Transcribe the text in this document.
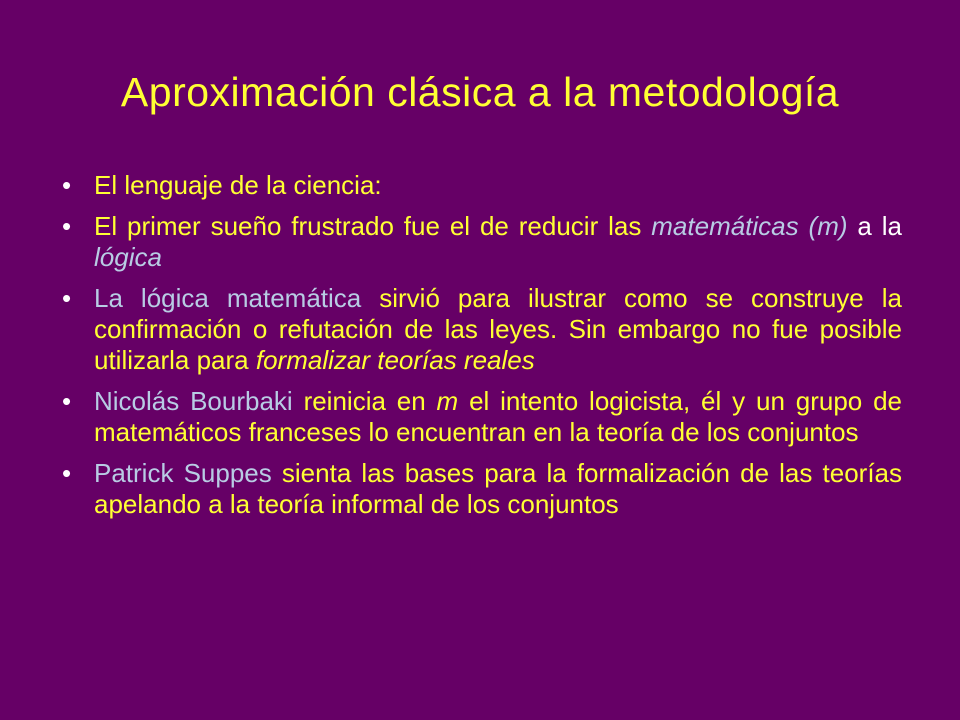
Aproximación clásica a la metodología
• El lenguaje de la ciencia:
• El primer sueño frustrado fue el de reducir las matemáticas (m) a la lógica
• La lógica matemática sirvió para ilustrar como se construye la confirmación o refutación de las leyes. Sin embargo no fue posible utilizarla para formalizar teorías reales
• Nicolás Bourbaki reinicia en m el intento logicista, él y un grupo de matemáticos franceses lo encuentran en la teoría de los conjuntos
• Patrick Suppes sienta las bases para la formalización de las teorías apelando a la teoría informal de los conjuntos
